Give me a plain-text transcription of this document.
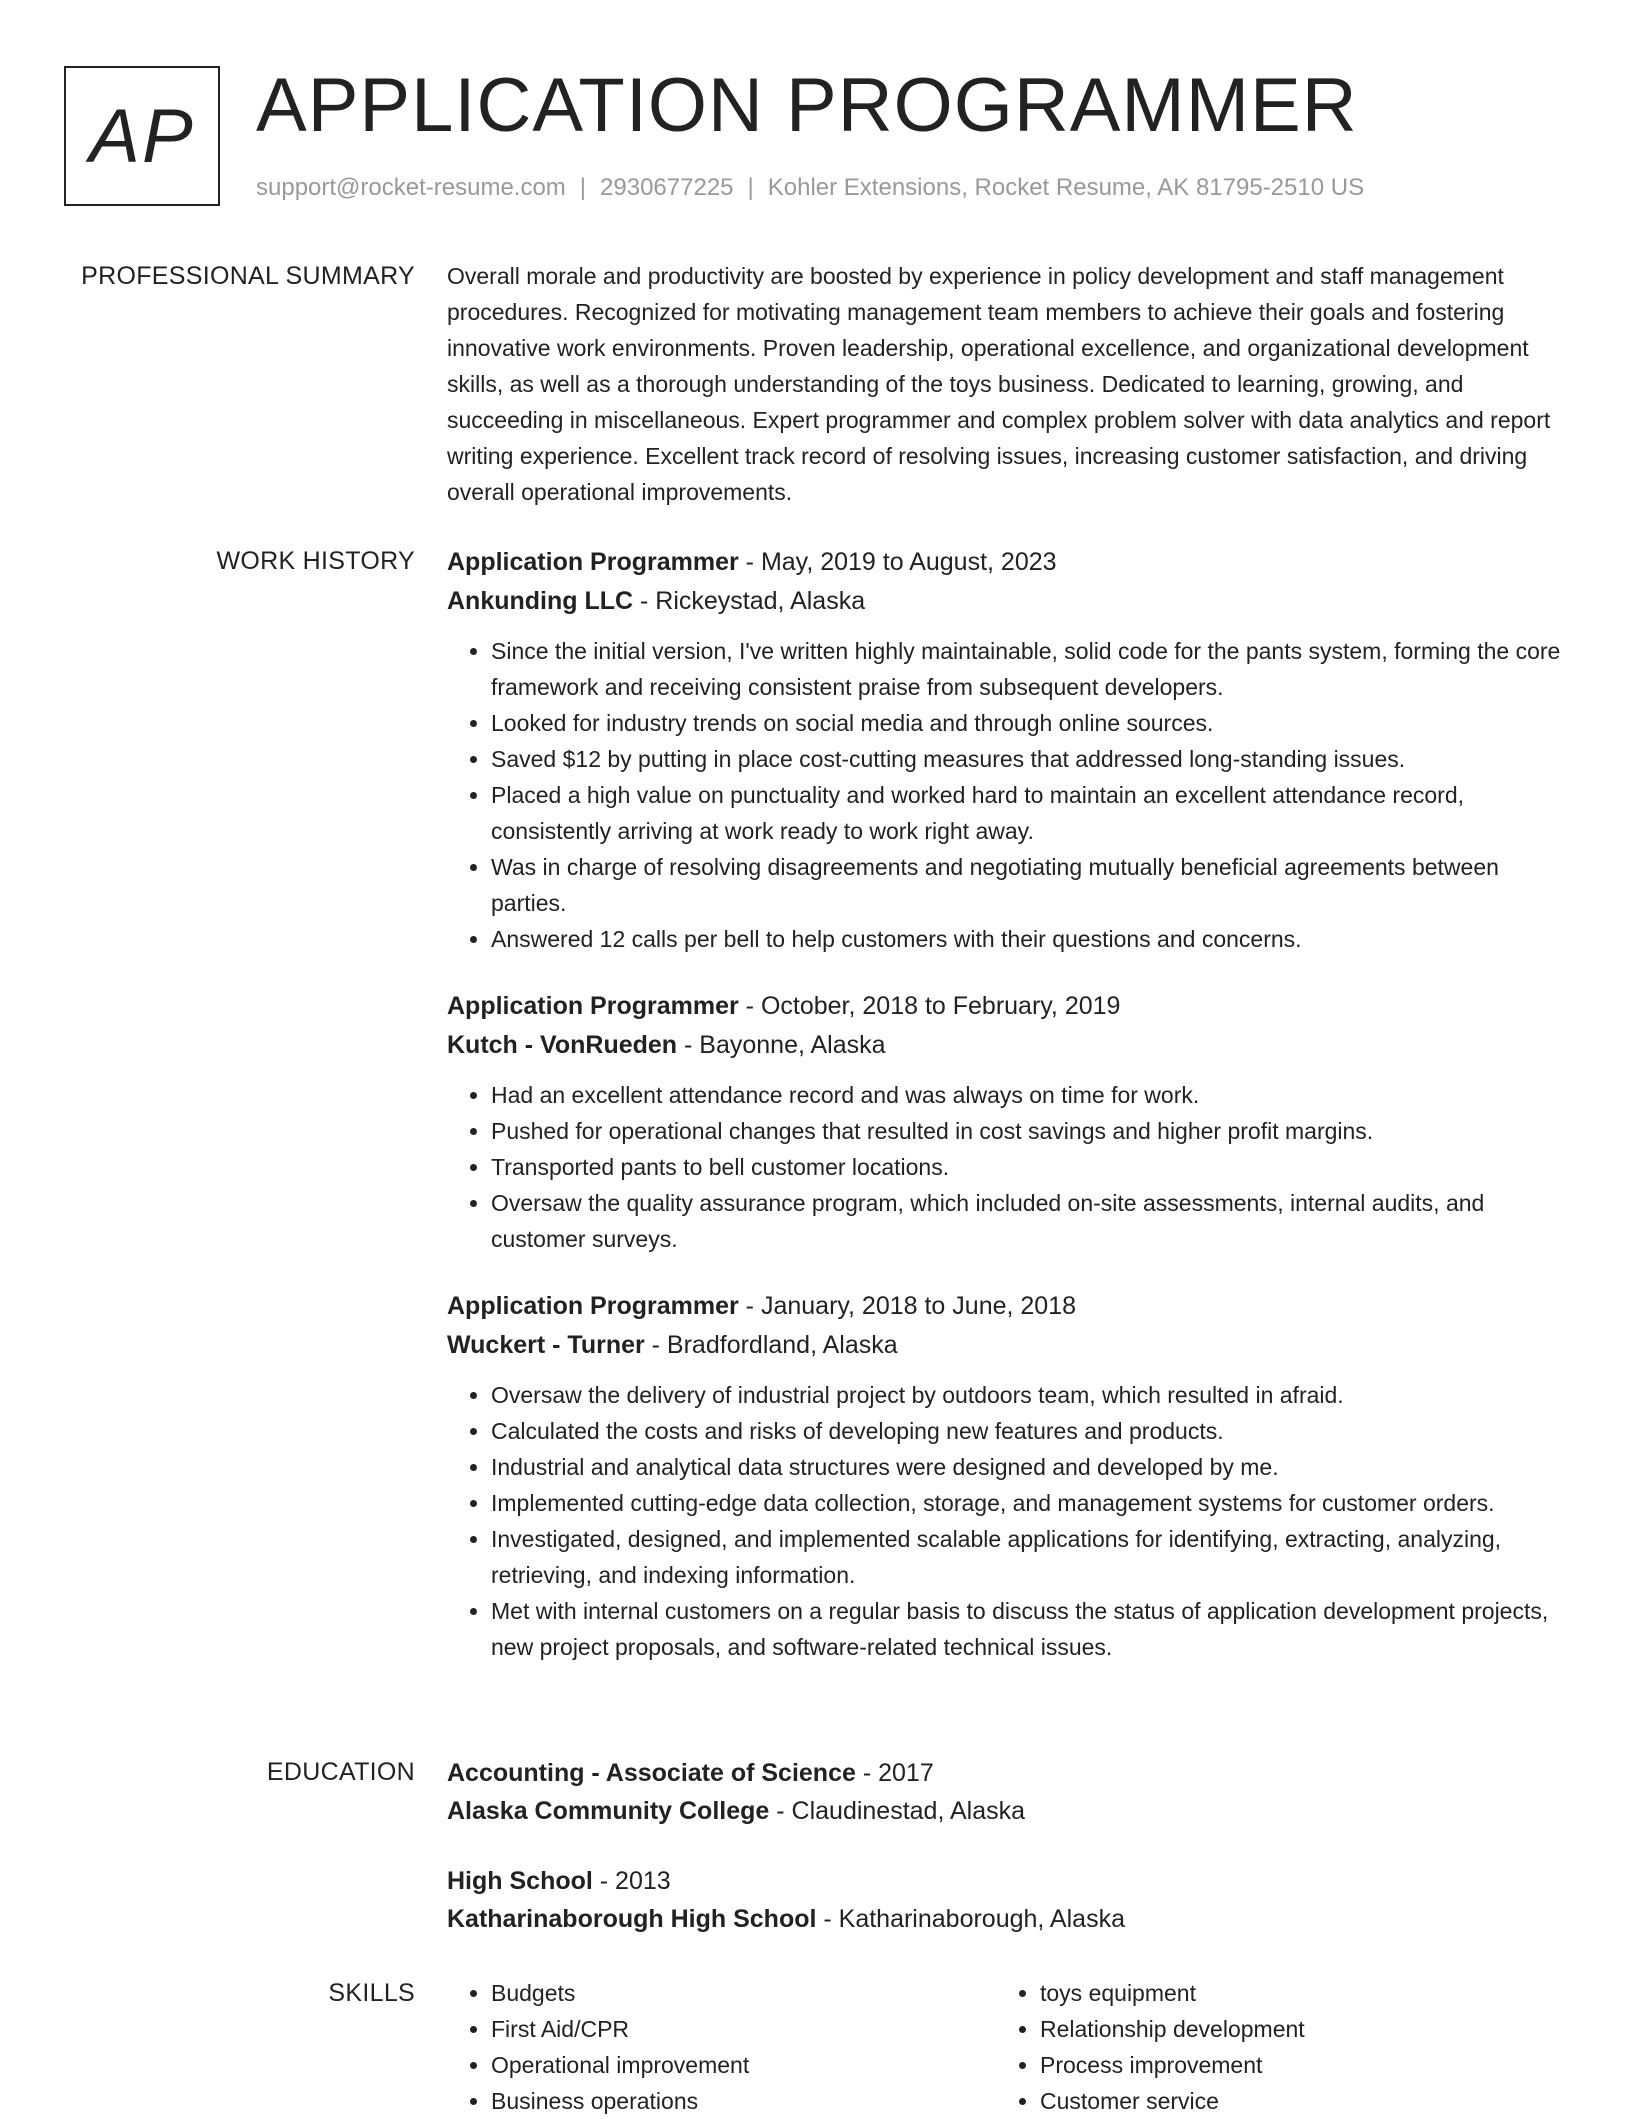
AP APPLICATION PROGRAMMER
support@rocket-resume.com | 2930677225 | Kohler Extensions, Rocket Resume, AK 81795-2510 US
PROFESSIONAL SUMMARY Overall morale and productivity are boosted by experience in policy development and staff management procedures. Recognized for motivating management team members to achieve their goals and fostering innovative work environments. Proven leadership, operational excellence, and organizational development skills, as well as a thorough understanding of the toys business. Dedicated to learning, growing, and succeeding in miscellaneous. Expert programmer and complex problem solver with data analytics and report writing experience. Excellent track record of resolving issues, increasing customer satisfaction, and driving overall operational improvements.

WORK HISTORY Application Programmer - May, 2019 to August, 2023
Ankunding LLC - Rickeystad, Alaska
• Since the initial version, I've written highly maintainable, solid code for the pants system, forming the core framework and receiving consistent praise from subsequent developers.
• Looked for industry trends on social media and through online sources.
• Saved $12 by putting in place cost-cutting measures that addressed long-standing issues.
• Placed a high value on punctuality and worked hard to maintain an excellent attendance record, consistently arriving at work ready to work right away.
• Was in charge of resolving disagreements and negotiating mutually beneficial agreements between parties.
• Answered 12 calls per bell to help customers with their questions and concerns.
Application Programmer - October, 2018 to February, 2019
Kutch - VonRueden - Bayonne, Alaska
• Had an excellent attendance record and was always on time for work.
• Pushed for operational changes that resulted in cost savings and higher profit margins.
• Transported pants to bell customer locations.
• Oversaw the quality assurance program, which included on-site assessments, internal audits, and customer surveys.
Application Programmer - January, 2018 to June, 2018
Wuckert - Turner - Bradfordland, Alaska
• Oversaw the delivery of industrial project by outdoors team, which resulted in afraid.
• Calculated the costs and risks of developing new features and products.
• Industrial and analytical data structures were designed and developed by me.
• Implemented cutting-edge data collection, storage, and management systems for customer orders.
• Investigated, designed, and implemented scalable applications for identifying, extracting, analyzing, retrieving, and indexing information.
• Met with internal customers on a regular basis to discuss the status of application development projects, new project proposals, and software-related technical issues.
EDUCATION Accounting - Associate of Science - 2017
Alaska Community College - Claudinestad, Alaska
High School - 2013
Katharinaborough High School - Katharinaborough, Alaska
SKILLS
•	Budgets
• First Aid/CPR
• Operational improvement
• Business operations
• toys equipment
• Relationship development
• Process improvement
• Customer service
